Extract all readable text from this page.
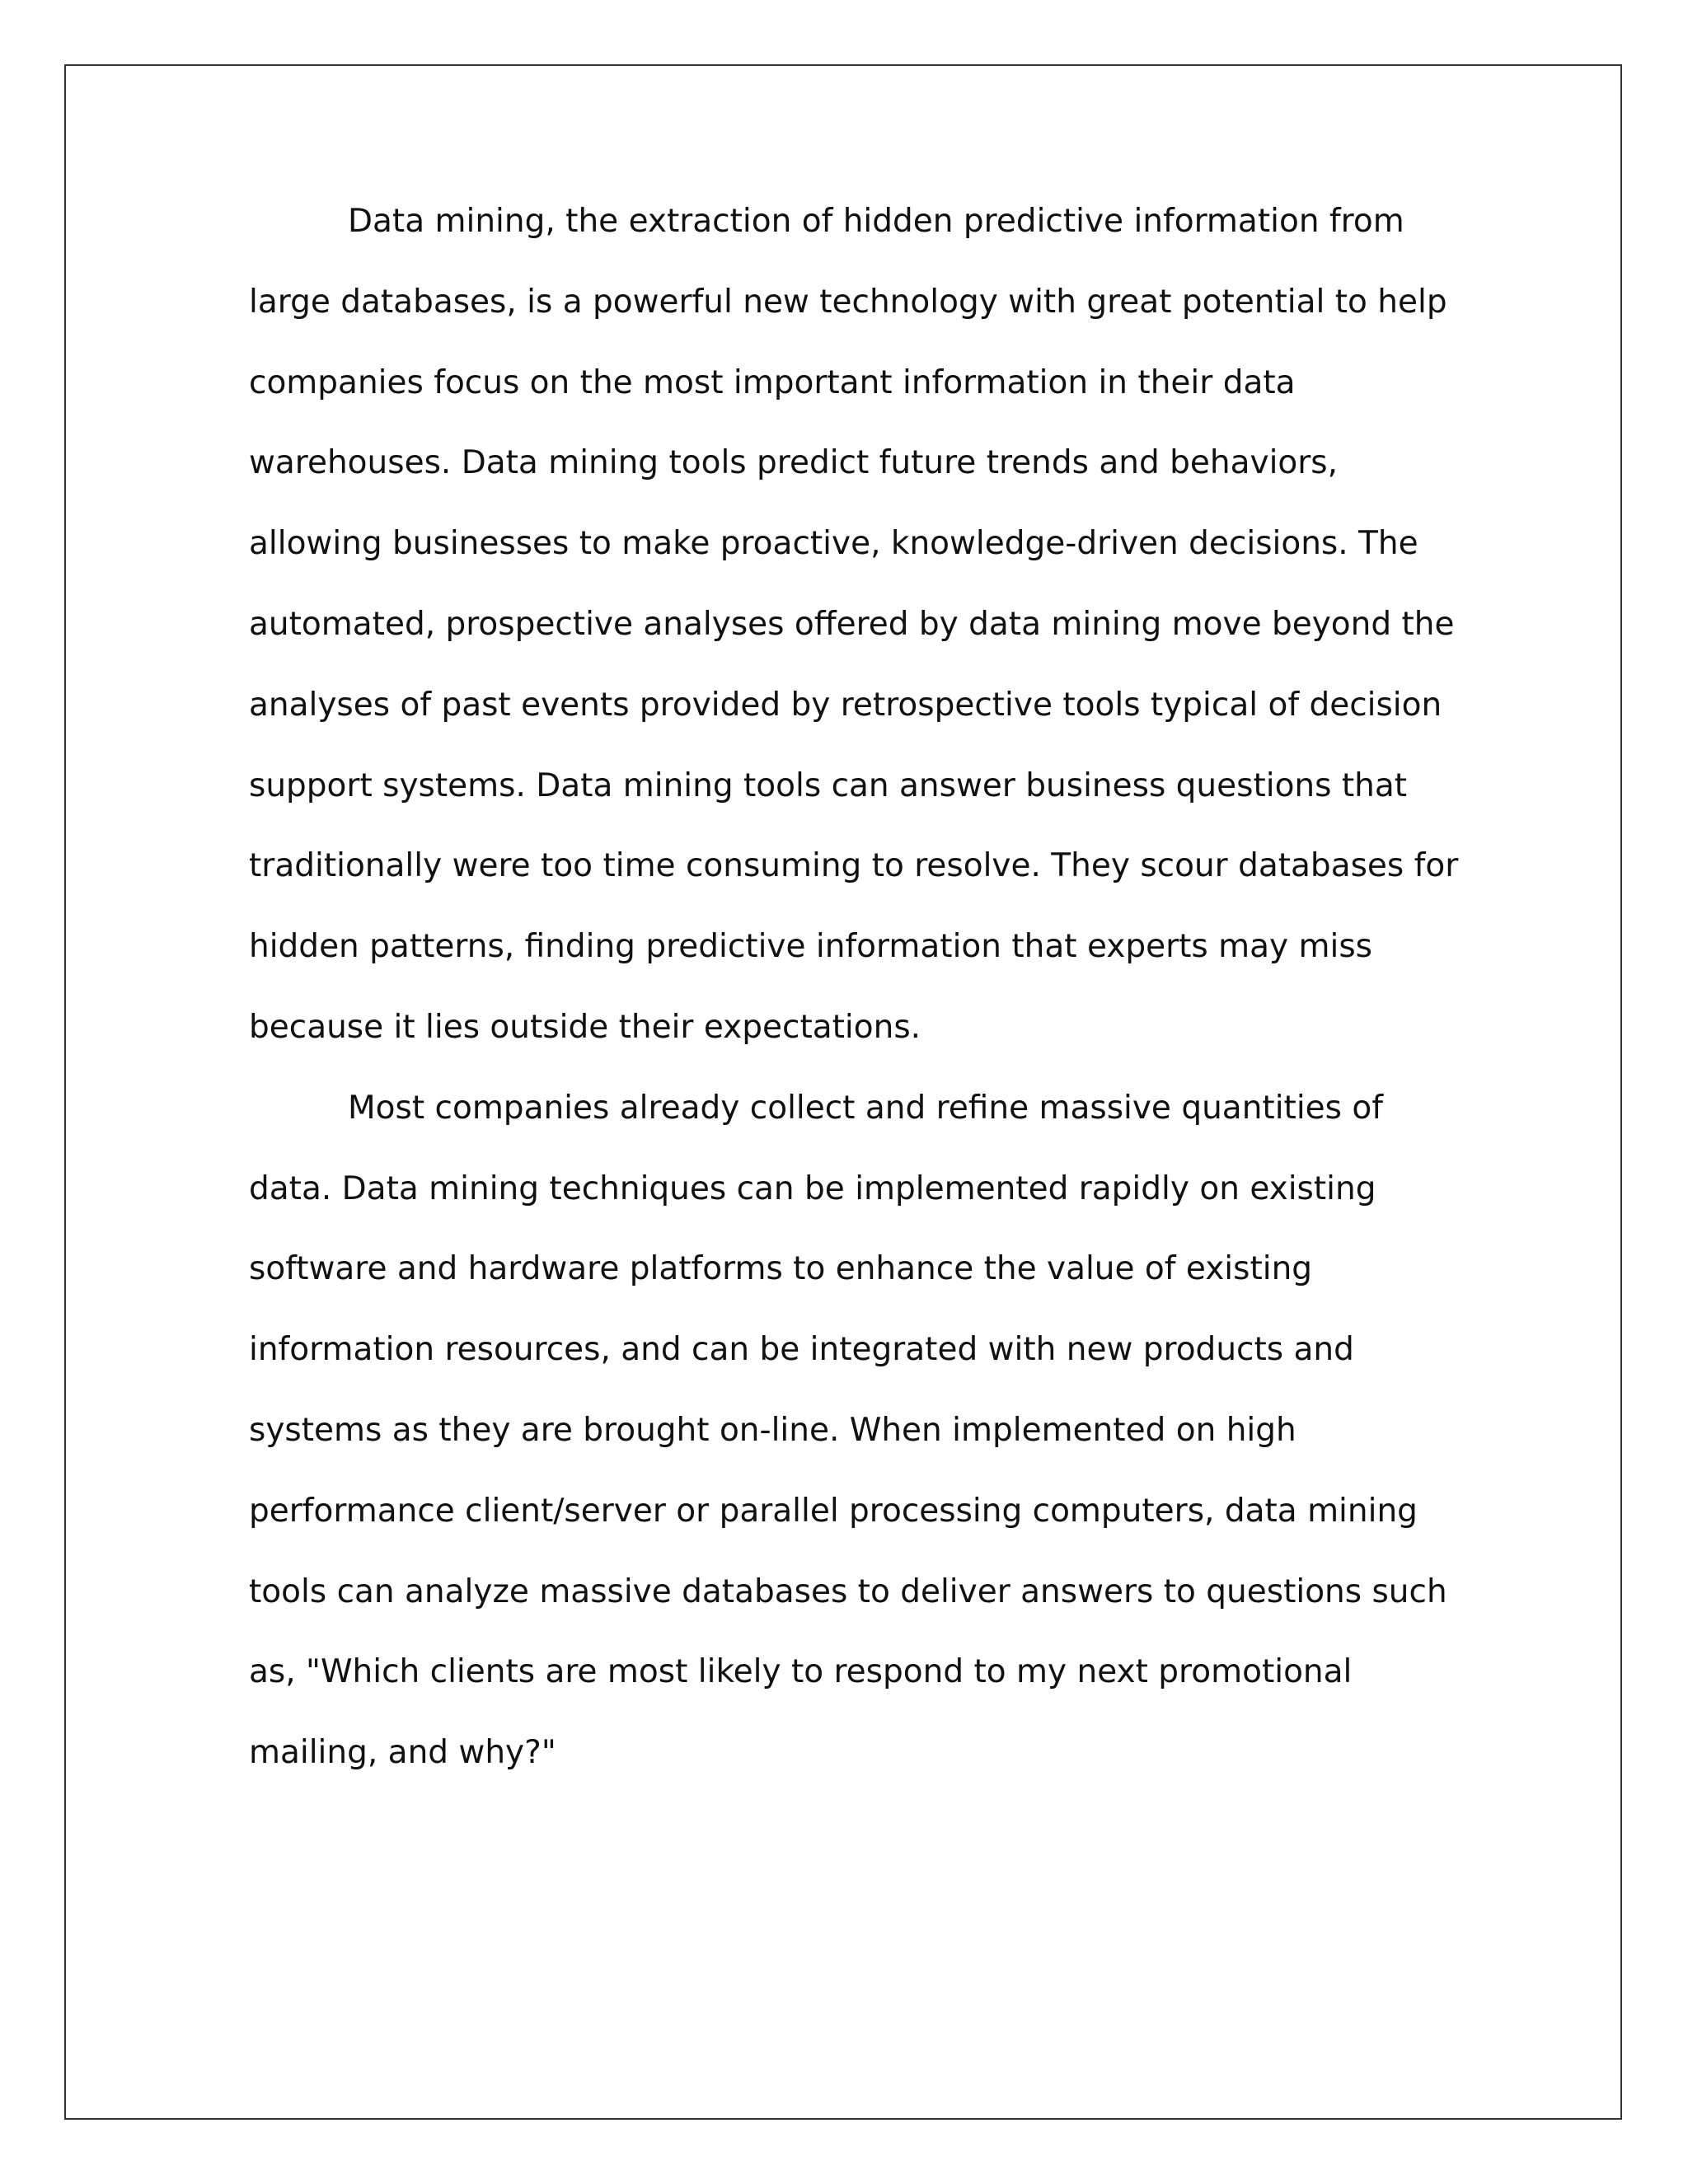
Data mining, the extraction of hidden predictive information from large databases, is a powerful new technology with great potential to help companies focus on the most important information in their data warehouses. Data mining tools predict future trends and behaviors, allowing businesses to make proactive, knowledge-driven decisions. The automated, prospective analyses offered by data mining move beyond the analyses of past events provided by retrospective tools typical of decision support systems. Data mining tools can answer business questions that traditionally were too time consuming to resolve. They scour databases for hidden patterns, finding predictive information that experts may miss because it lies outside their expectations.

Most companies already collect and refine massive quantities of data. Data mining techniques can be implemented rapidly on existing software and hardware platforms to enhance the value of existing information resources, and can be integrated with new products and systems as they are brought on-line. When implemented on high performance client/server or parallel processing computers, data mining tools can analyze massive databases to deliver answers to questions such as, "Which clients are most likely to respond to my next promotional mailing, and why?"
